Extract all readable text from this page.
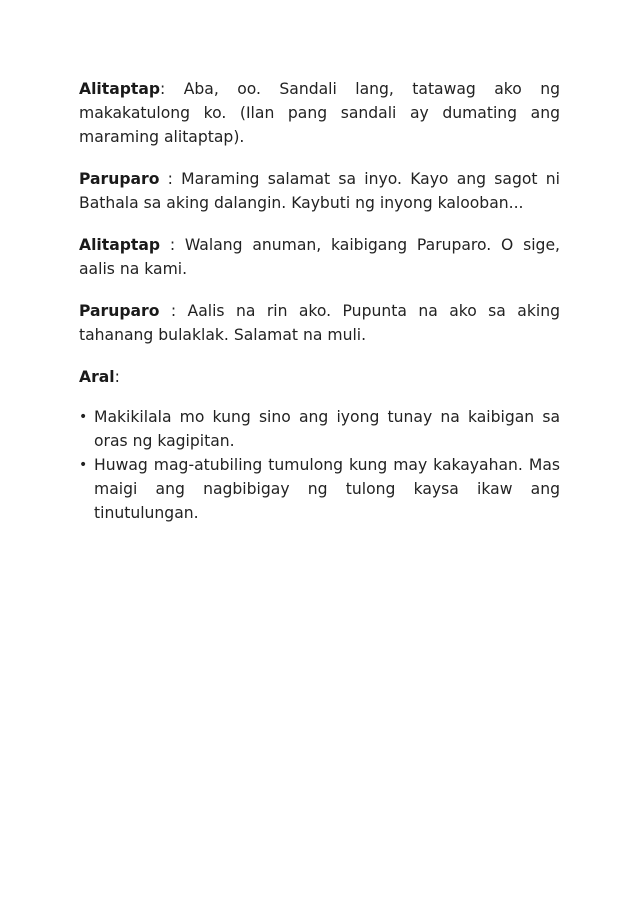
Alitaptap: Aba, oo. Sandali lang, tatawag ako ng makakatulong ko. (Ilan pang sandali ay dumating ang maraming alitaptap).

Paruparo : Maraming salamat sa inyo. Kayo ang sagot ni Bathala sa aking dalangin. Kaybuti ng inyong kalooban...

Alitaptap : Walang anuman, kaibigang Paruparo. O sige, aalis na kami.

Paruparo : Aalis na rin ako. Pupunta na ako sa aking tahanang bulaklak. Salamat na muli.

Aral:

• Makikilala mo kung sino ang iyong tunay na kaibigan sa oras ng kagipitan.
• Huwag mag-atubiling tumulong kung may kakayahan. Mas maigi ang nagbibigay ng tulong kaysa ikaw ang tinutulungan.
